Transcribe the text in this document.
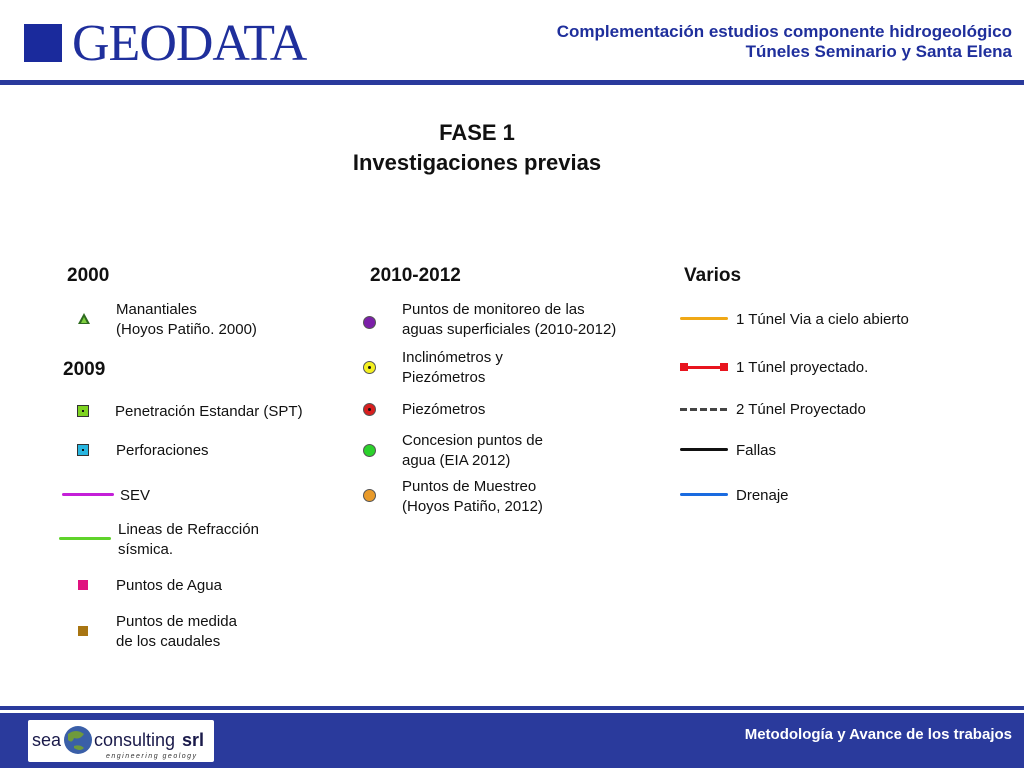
GEODATA	Complementación estudios componente hidrogeológico
Túneles Seminario y Santa Elena
FASE 1
Investigaciones previas
2000
Manantiales
(Hoyos Patiño. 2000)
2009
Penetración Estandar (SPT)
Perforaciones
SEV
Lineas de Refracción
sísmica.
Puntos de Agua
Puntos de medida
de los caudales
2010-2012
Puntos de monitoreo de las
aguas superficiales (2010-2012)
Inclinómetros y
Piezómetros
Piezómetros
Concesion puntos de
agua (EIA 2012)
Puntos de Muestreo
(Hoyos Patiño, 2012)
Varios
1 Túnel Via a cielo abierto
1 Túnel proyectado.
2 Túnel Proyectado
Fallas
Drenaje
sea consulting srl
engineering geology
Metodología y Avance de los trabajos
